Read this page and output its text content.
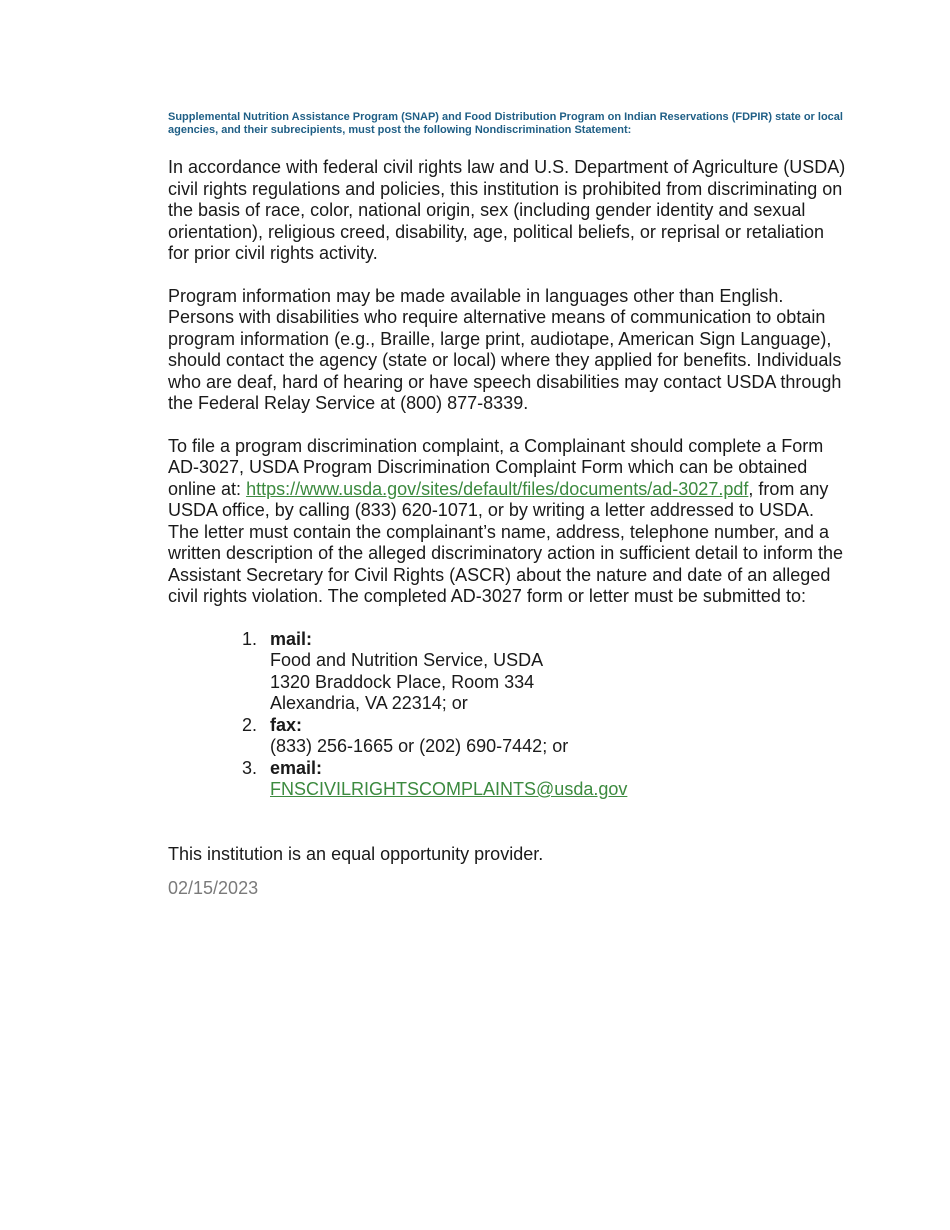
Supplemental Nutrition Assistance Program (SNAP) and Food Distribution Program on Indian Reservations (FDPIR) state or local agencies, and their subrecipients, must post the following Nondiscrimination Statement:

In accordance with federal civil rights law and U.S. Department of Agriculture (USDA) civil rights regulations and policies, this institution is prohibited from discriminating on the basis of race, color, national origin, sex (including gender identity and sexual orientation), religious creed, disability, age, political beliefs, or reprisal or retaliation for prior civil rights activity.

Program information may be made available in languages other than English. Persons with disabilities who require alternative means of communication to obtain program information (e.g., Braille, large print, audiotape, American Sign Language), should contact the agency (state or local) where they applied for benefits. Individuals who are deaf, hard of hearing or have speech disabilities may contact USDA through the Federal Relay Service at (800) 877-8339.

To file a program discrimination complaint, a Complainant should complete a Form AD-3027, USDA Program Discrimination Complaint Form which can be obtained online at: https://www.usda.gov/sites/default/files/documents/ad-3027.pdf, from any USDA office, by calling (833) 620-1071, or by writing a letter addressed to USDA. The letter must contain the complainant’s name, address, telephone number, and a written description of the alleged discriminatory action in sufficient detail to inform the Assistant Secretary for Civil Rights (ASCR) about the nature and date of an alleged civil rights violation. The completed AD-3027 form or letter must be submitted to:

1. mail:
Food and Nutrition Service, USDA
1320 Braddock Place, Room 334
Alexandria, VA 22314; or
2. fax:
(833) 256-1665 or (202) 690-7442; or
3. email:
FNSCIVILRIGHTSCOMPLAINTS@usda.gov

This institution is an equal opportunity provider.

02/15/2023
